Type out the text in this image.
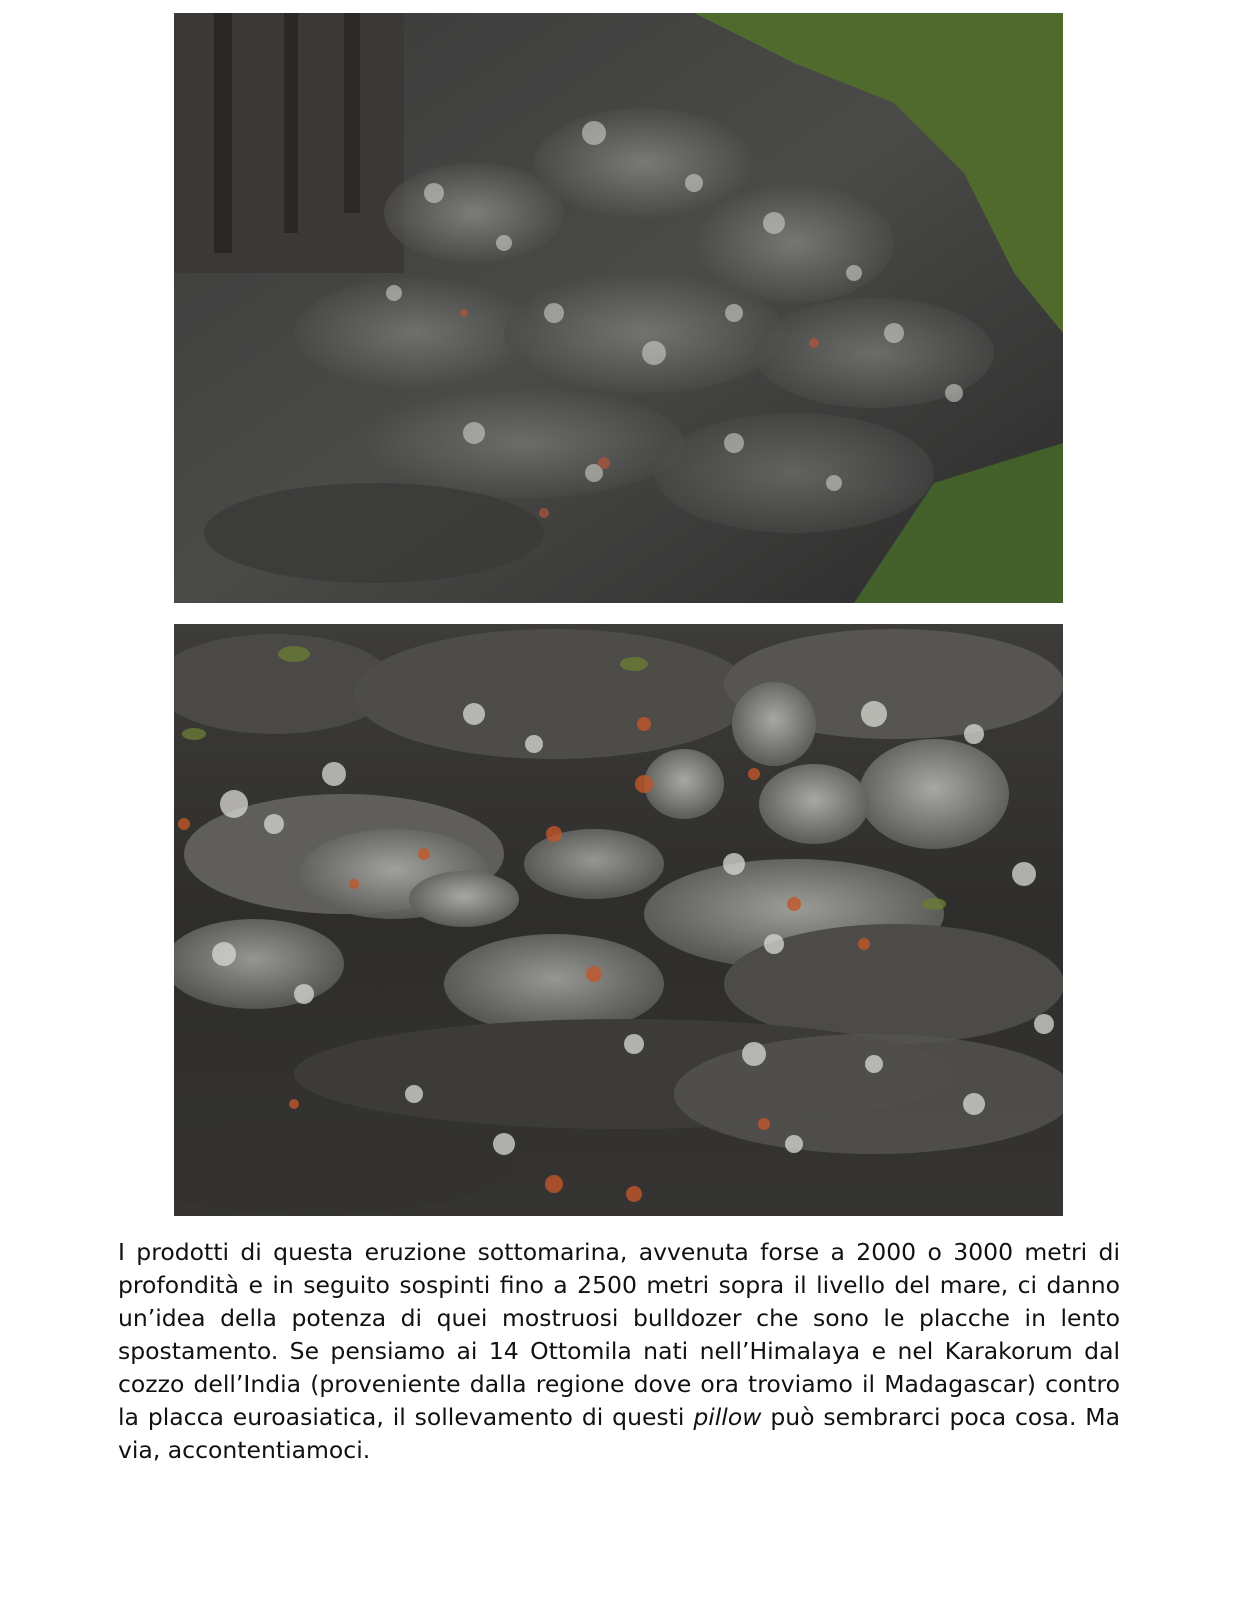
I prodotti di questa eruzione sottomarina, avvenuta forse a 2000 o 3000 metri di profondità e in seguito sospinti fino a 2500 metri sopra il livello del mare, ci danno un’idea della potenza di quei mostruosi bulldozer che sono le placche in lento spostamento. Se pensiamo ai 14 Ottomila nati nell’Himalaya e nel Karakorum dal cozzo dell’India (proveniente dalla regione dove ora troviamo il Madagascar) contro la placca euroasiatica, il sollevamento di questi pillow può sembrarci poca cosa. Ma via, accontentiamoci.
